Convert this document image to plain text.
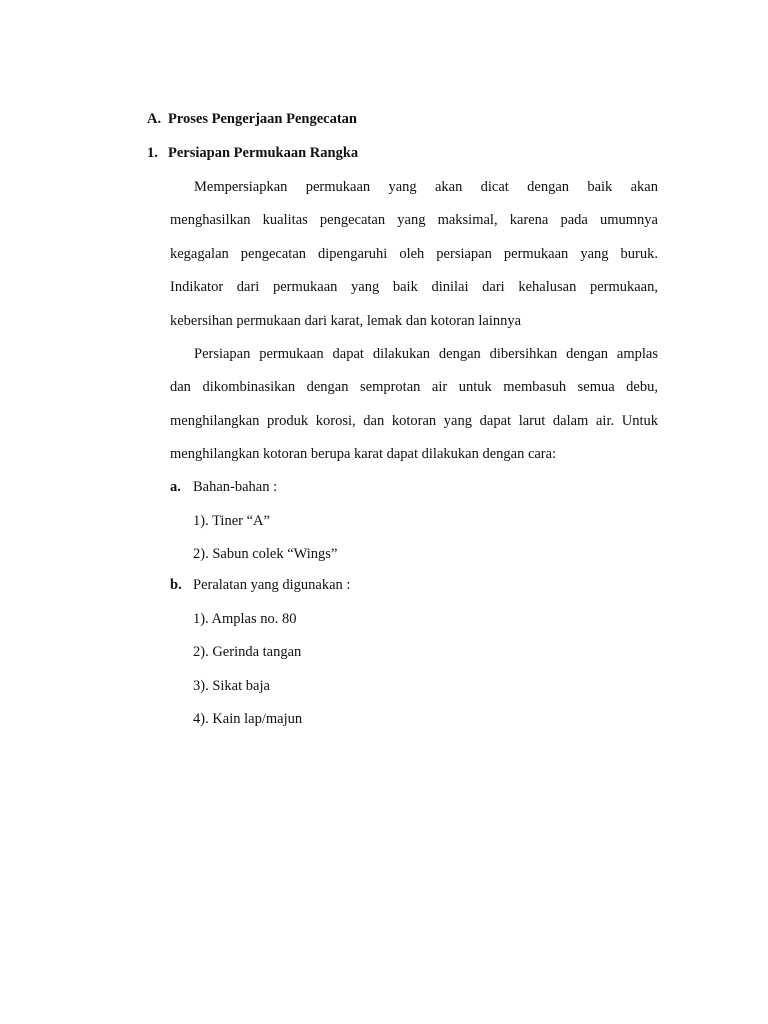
A. Proses Pengerjaan Pengecatan
1. Persiapan Permukaan Rangka
Mempersiapkan permukaan yang akan dicat dengan baik akan
menghasilkan kualitas pengecatan yang maksimal, karena pada umumnya
kegagalan pengecatan dipengaruhi oleh persiapan permukaan yang buruk.
Indikator dari permukaan yang baik dinilai dari kehalusan permukaan,
kebersihan permukaan dari karat, lemak dan kotoran lainnya
Persiapan permukaan dapat dilakukan dengan dibersihkan dengan amplas
dan dikombinasikan dengan semprotan air untuk membasuh semua debu,
menghilangkan produk korosi, dan kotoran yang dapat larut dalam air. Untuk
menghilangkan kotoran berupa karat dapat dilakukan dengan cara:
a. Bahan-bahan :
1). Tiner “A”
2). Sabun colek “Wings”
b. Peralatan yang digunakan :
1). Amplas no. 80
2). Gerinda tangan
3). Sikat baja
4). Kain lap/majun
